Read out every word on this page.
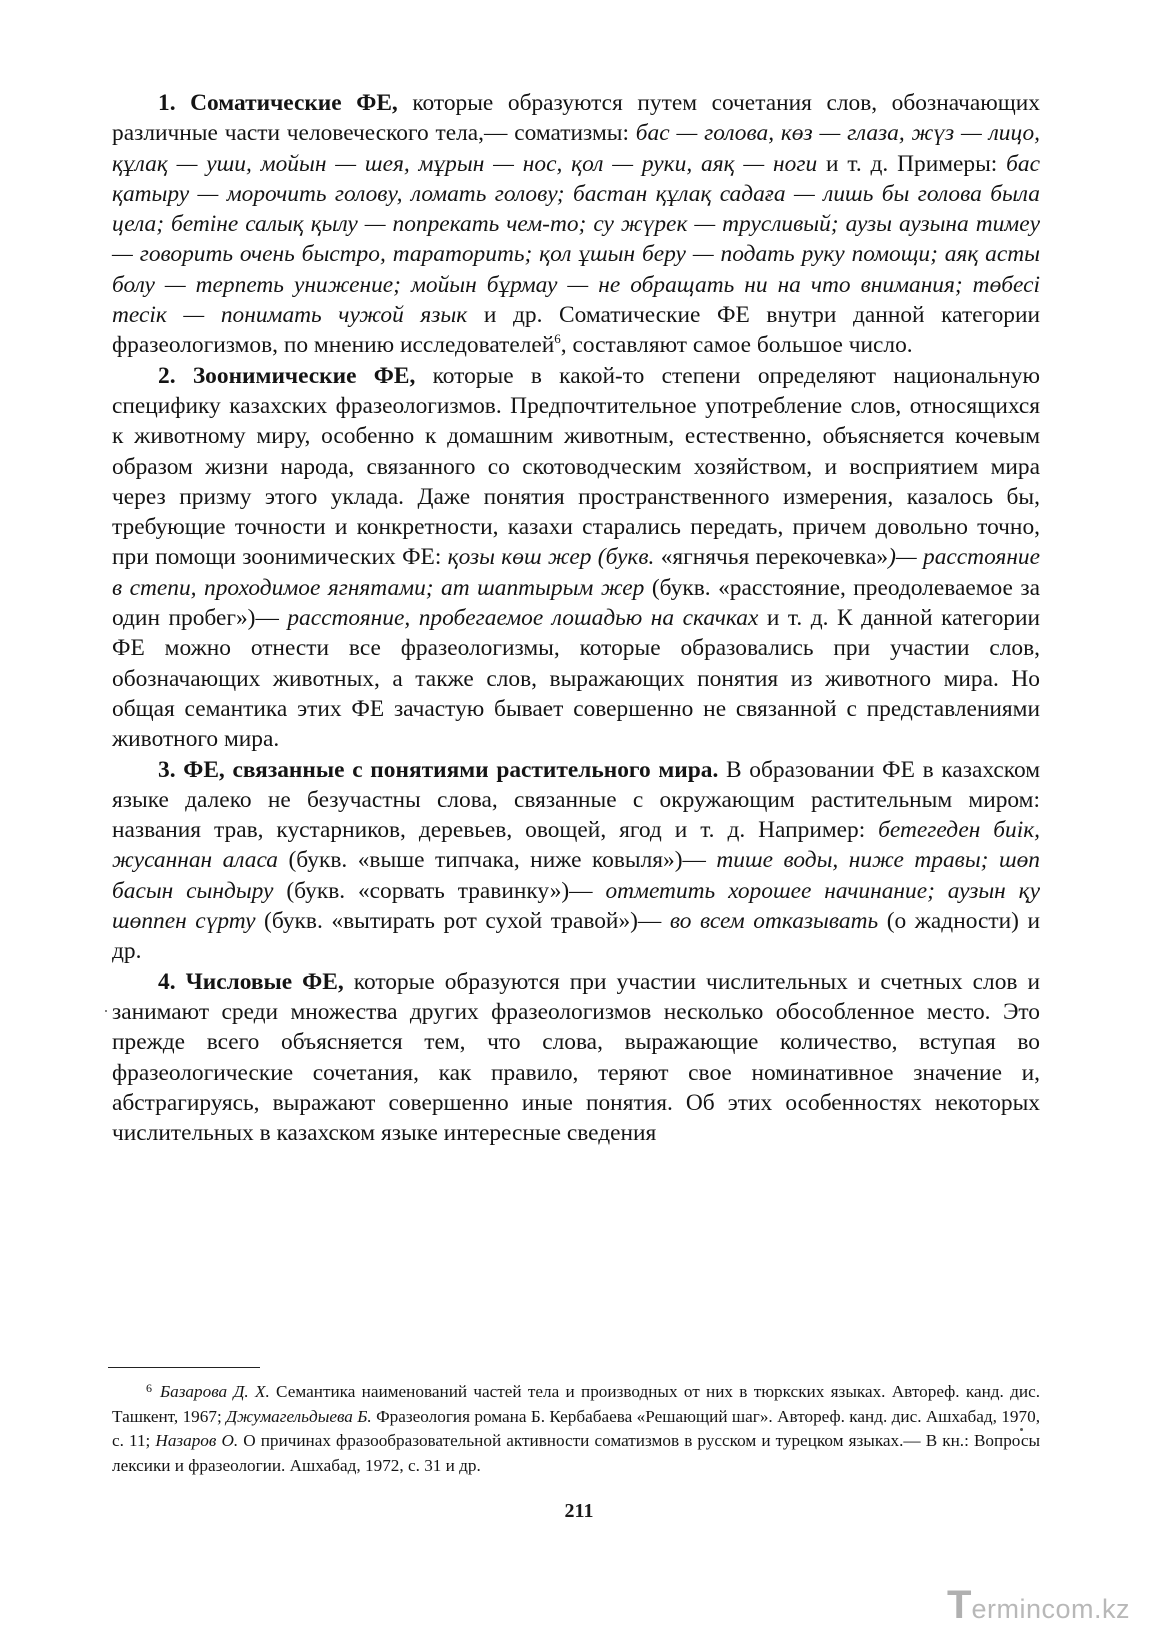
1. Соматические ФЕ, которые образуются путем сочетания слов, обозначающих различные части человеческого тела,— соматизмы: бас — голова, көз — глаза, жүз — лицо, құлақ — уши, мойын — шея, мұрын — нос, қол — руки, аяқ — ноги и т. д. Примеры: бас қатыру — морочить голову, ломать голову; бастан құлақ садаға — лишь бы голова была цела; бетіне салық қылу — попрекать чем-то; су жүрек — трусливый; аузы аузына тимеу — говорить очень быстро, тараторить; қол ұшын беру — подать руку помощи; аяқ асты болу — терпеть унижение; мойын бұрмау — не обращать ни на что внимания; төбесі тесік — понимать чужой язык и др. Соматические ФЕ внутри данной категории фразеологизмов, по мнению исследователей$^6$, составляют самое большое число.

2. Зоонимические ФЕ, которые в какой-то степени определяют национальную специфику казахских фразеологизмов. Предпочтительное употребление слов, относящихся к животному миру, особенно к домашним животным, естественно, объясняется кочевым образом жизни народа, связанного со скотоводческим хозяйством, и восприятием мира через призму этого уклада. Даже понятия пространственного измерения, казалось бы, требующие точности и конкретности, казахи старались передать, причем довольно точно, при помощи зоонимических ФЕ: қозы көш жер (букв. «ягнячья перекочевка»)— расстояние в степи, проходимое ягнятами; ат шаптырым жер (букв. «расстояние, преодолеваемое за один пробег»)— расстояние, пробегаемое лошадью на скачках и т. д. К данной категории ФЕ можно отнести все фразеологизмы, которые образовались при участии слов, обозначающих животных, а также слов, выражающих понятия из животного мира. Но общая семантика этих ФЕ зачастую бывает совершенно не связанной с представлениями животного мира.

3. ФЕ, связанные с понятиями растительного мира. В образовании ФЕ в казахском языке далеко не безучастны слова, связанные с окружающим растительным миром: названия трав, кустарников, деревьев, овощей, ягод и т. д. Например: бетегеден биік, жусаннан аласа (букв. «выше типчака, ниже ковыля»)— тише воды, ниже травы; шөп басын сындыру (букв. «сорвать травинку»)— отметить хорошее начинание; аузын қу шөппен сүрту (букв. «вытирать рот сухой травой»)— во всем отказывать (о жадности) и др.

4. Числовые ФЕ, которые образуются при участии числительных и счетных слов и занимают среди множества других фразеологизмов несколько обособленное место. Это прежде всего объясняется тем, что слова, выражающие количество, вступая во фразеологические сочетания, как правило, теряют свое номинативное значение и, абстрагируясь, выражают совершенно иные понятия. Об этих особенностях некоторых числительных в казахском языке интересные сведения

$^6$ Базарова Д. Х. Семантика наименований частей тела и производных от них в тюркских языках. Автореф. канд. дис. Ташкент, 1967; Джумагельдыева Б. Фразеология романа Б. Кербабаева «Решающий шаг». Автореф. канд. дис. Ашхабад, 1970, с. 11; Назаров О. О причинах фразообразовательной активности соматизмов в русском и турецком языках.— В кн.: Вопросы лексики и фразеологии. Ашхабад, 1972, с. 31 и др.

211
T ermincom.kz
